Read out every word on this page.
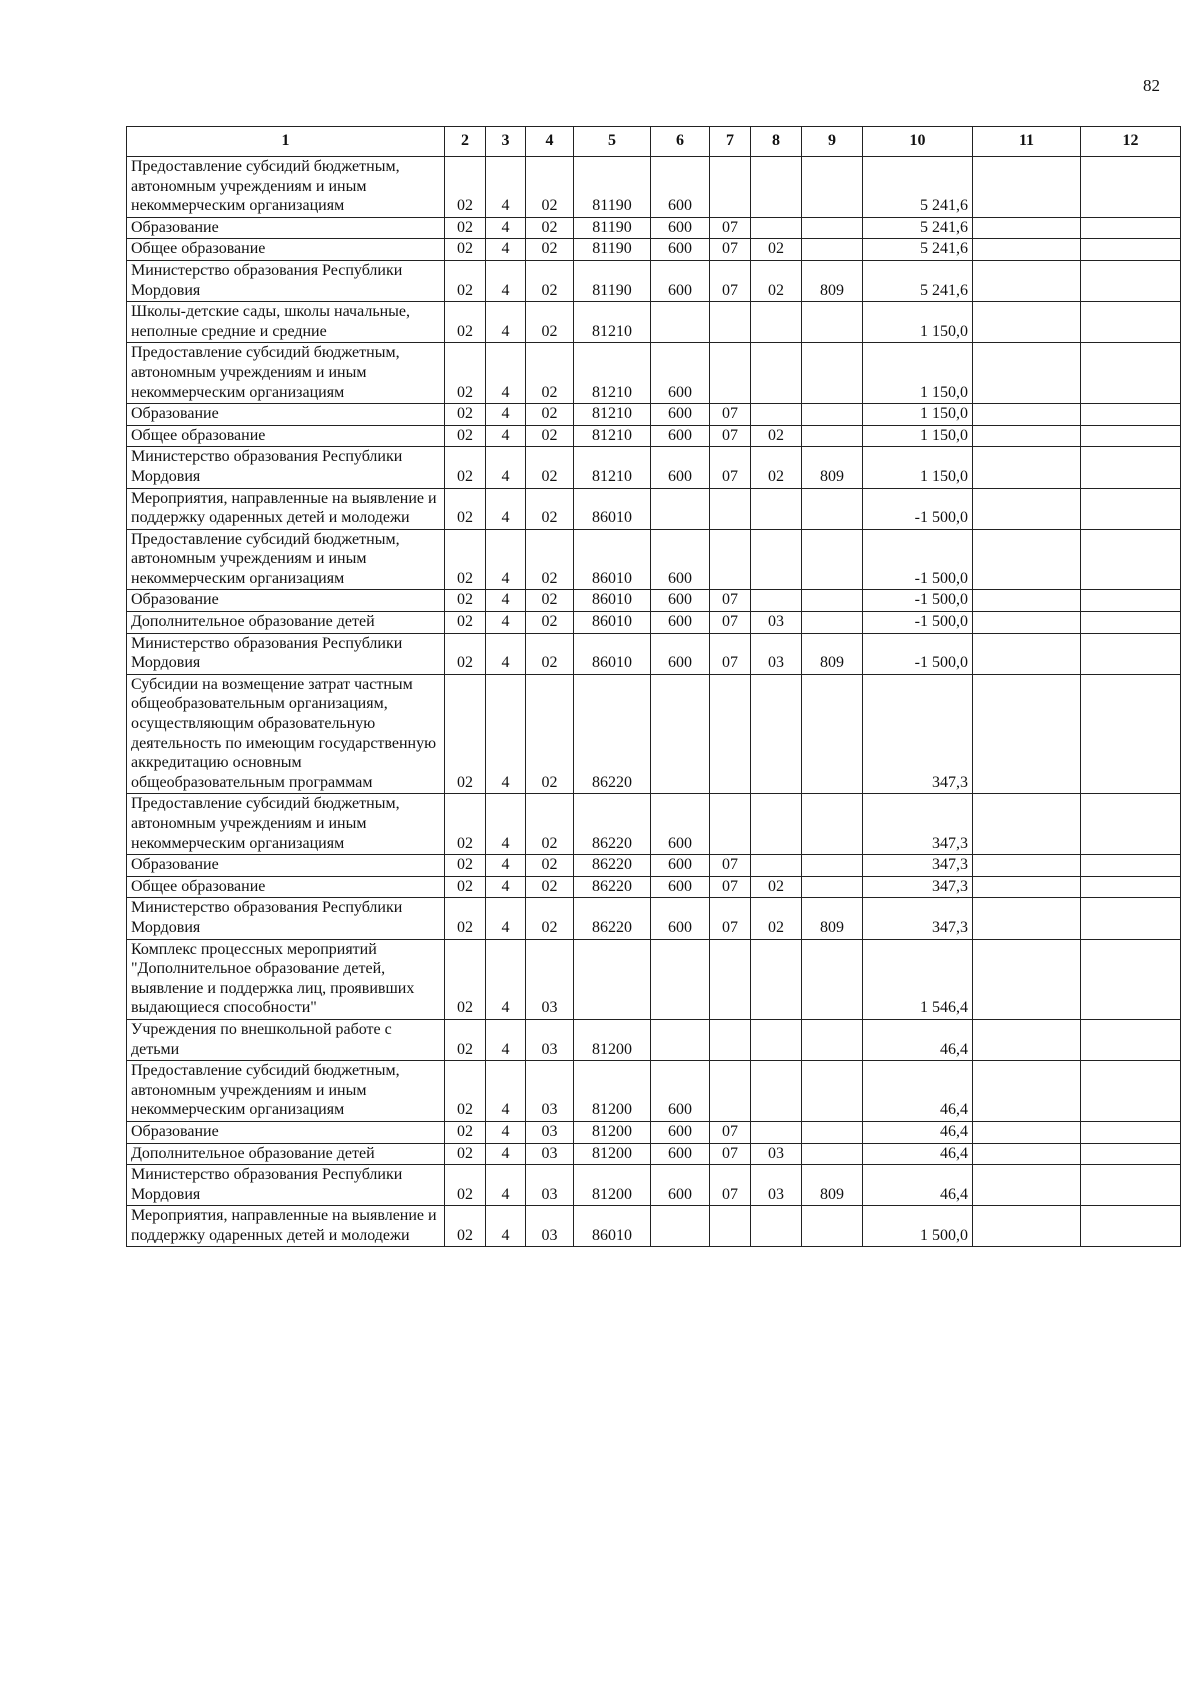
82
1	2	3	4	5	6	7	8	9	10	11	12
Предоставление субсидий бюджетным, автономным учреждениям и иным некоммерческим организациям	02	4	02	81190	600				5 241,6		
Образование	02	4	02	81190	600	07			5 241,6		
Общее образование	02	4	02	81190	600	07	02		5 241,6		
Министерство образования Республики Мордовия	02	4	02	81190	600	07	02	809	5 241,6		
Школы-детские сады, школы начальные, неполные средние и средние	02	4	02	81210					1 150,0		
Предоставление субсидий бюджетным, автономным учреждениям и иным некоммерческим организациям	02	4	02	81210	600				1 150,0		
Образование	02	4	02	81210	600	07			1 150,0		
Общее образование	02	4	02	81210	600	07	02		1 150,0		
Министерство образования Республики Мордовия	02	4	02	81210	600	07	02	809	1 150,0		
Мероприятия, направленные на выявление и поддержку одаренных детей и молодежи	02	4	02	86010					-1 500,0		
Предоставление субсидий бюджетным, автономным учреждениям и иным некоммерческим организациям	02	4	02	86010	600				-1 500,0		
Образование	02	4	02	86010	600	07			-1 500,0		
Дополнительное образование детей	02	4	02	86010	600	07	03		-1 500,0		
Министерство образования Республики Мордовия	02	4	02	86010	600	07	03	809	-1 500,0		
Субсидии на возмещение затрат частным общеобразовательным организациям, осуществляющим образовательную деятельность по имеющим государственную аккредитацию основным общеобразовательным программам	02	4	02	86220					347,3		
Предоставление субсидий бюджетным, автономным учреждениям и иным некоммерческим организациям	02	4	02	86220	600				347,3		
Образование	02	4	02	86220	600	07			347,3		
Общее образование	02	4	02	86220	600	07	02		347,3		
Министерство образования Республики Мордовия	02	4	02	86220	600	07	02	809	347,3		
Комплекс процессных мероприятий "Дополнительное образование детей, выявление и поддержка лиц, проявивших выдающиеся способности"	02	4	03						1 546,4		
Учреждения по внешкольной работе с детьми	02	4	03	81200					46,4		
Предоставление субсидий бюджетным, автономным учреждениям и иным некоммерческим организациям	02	4	03	81200	600				46,4		
Образование	02	4	03	81200	600	07			46,4		
Дополнительное образование детей	02	4	03	81200	600	07	03		46,4		
Министерство образования Республики Мордовия	02	4	03	81200	600	07	03	809	46,4		
Мероприятия, направленные на выявление и поддержку одаренных детей и молодежи	02	4	03	86010					1 500,0		
